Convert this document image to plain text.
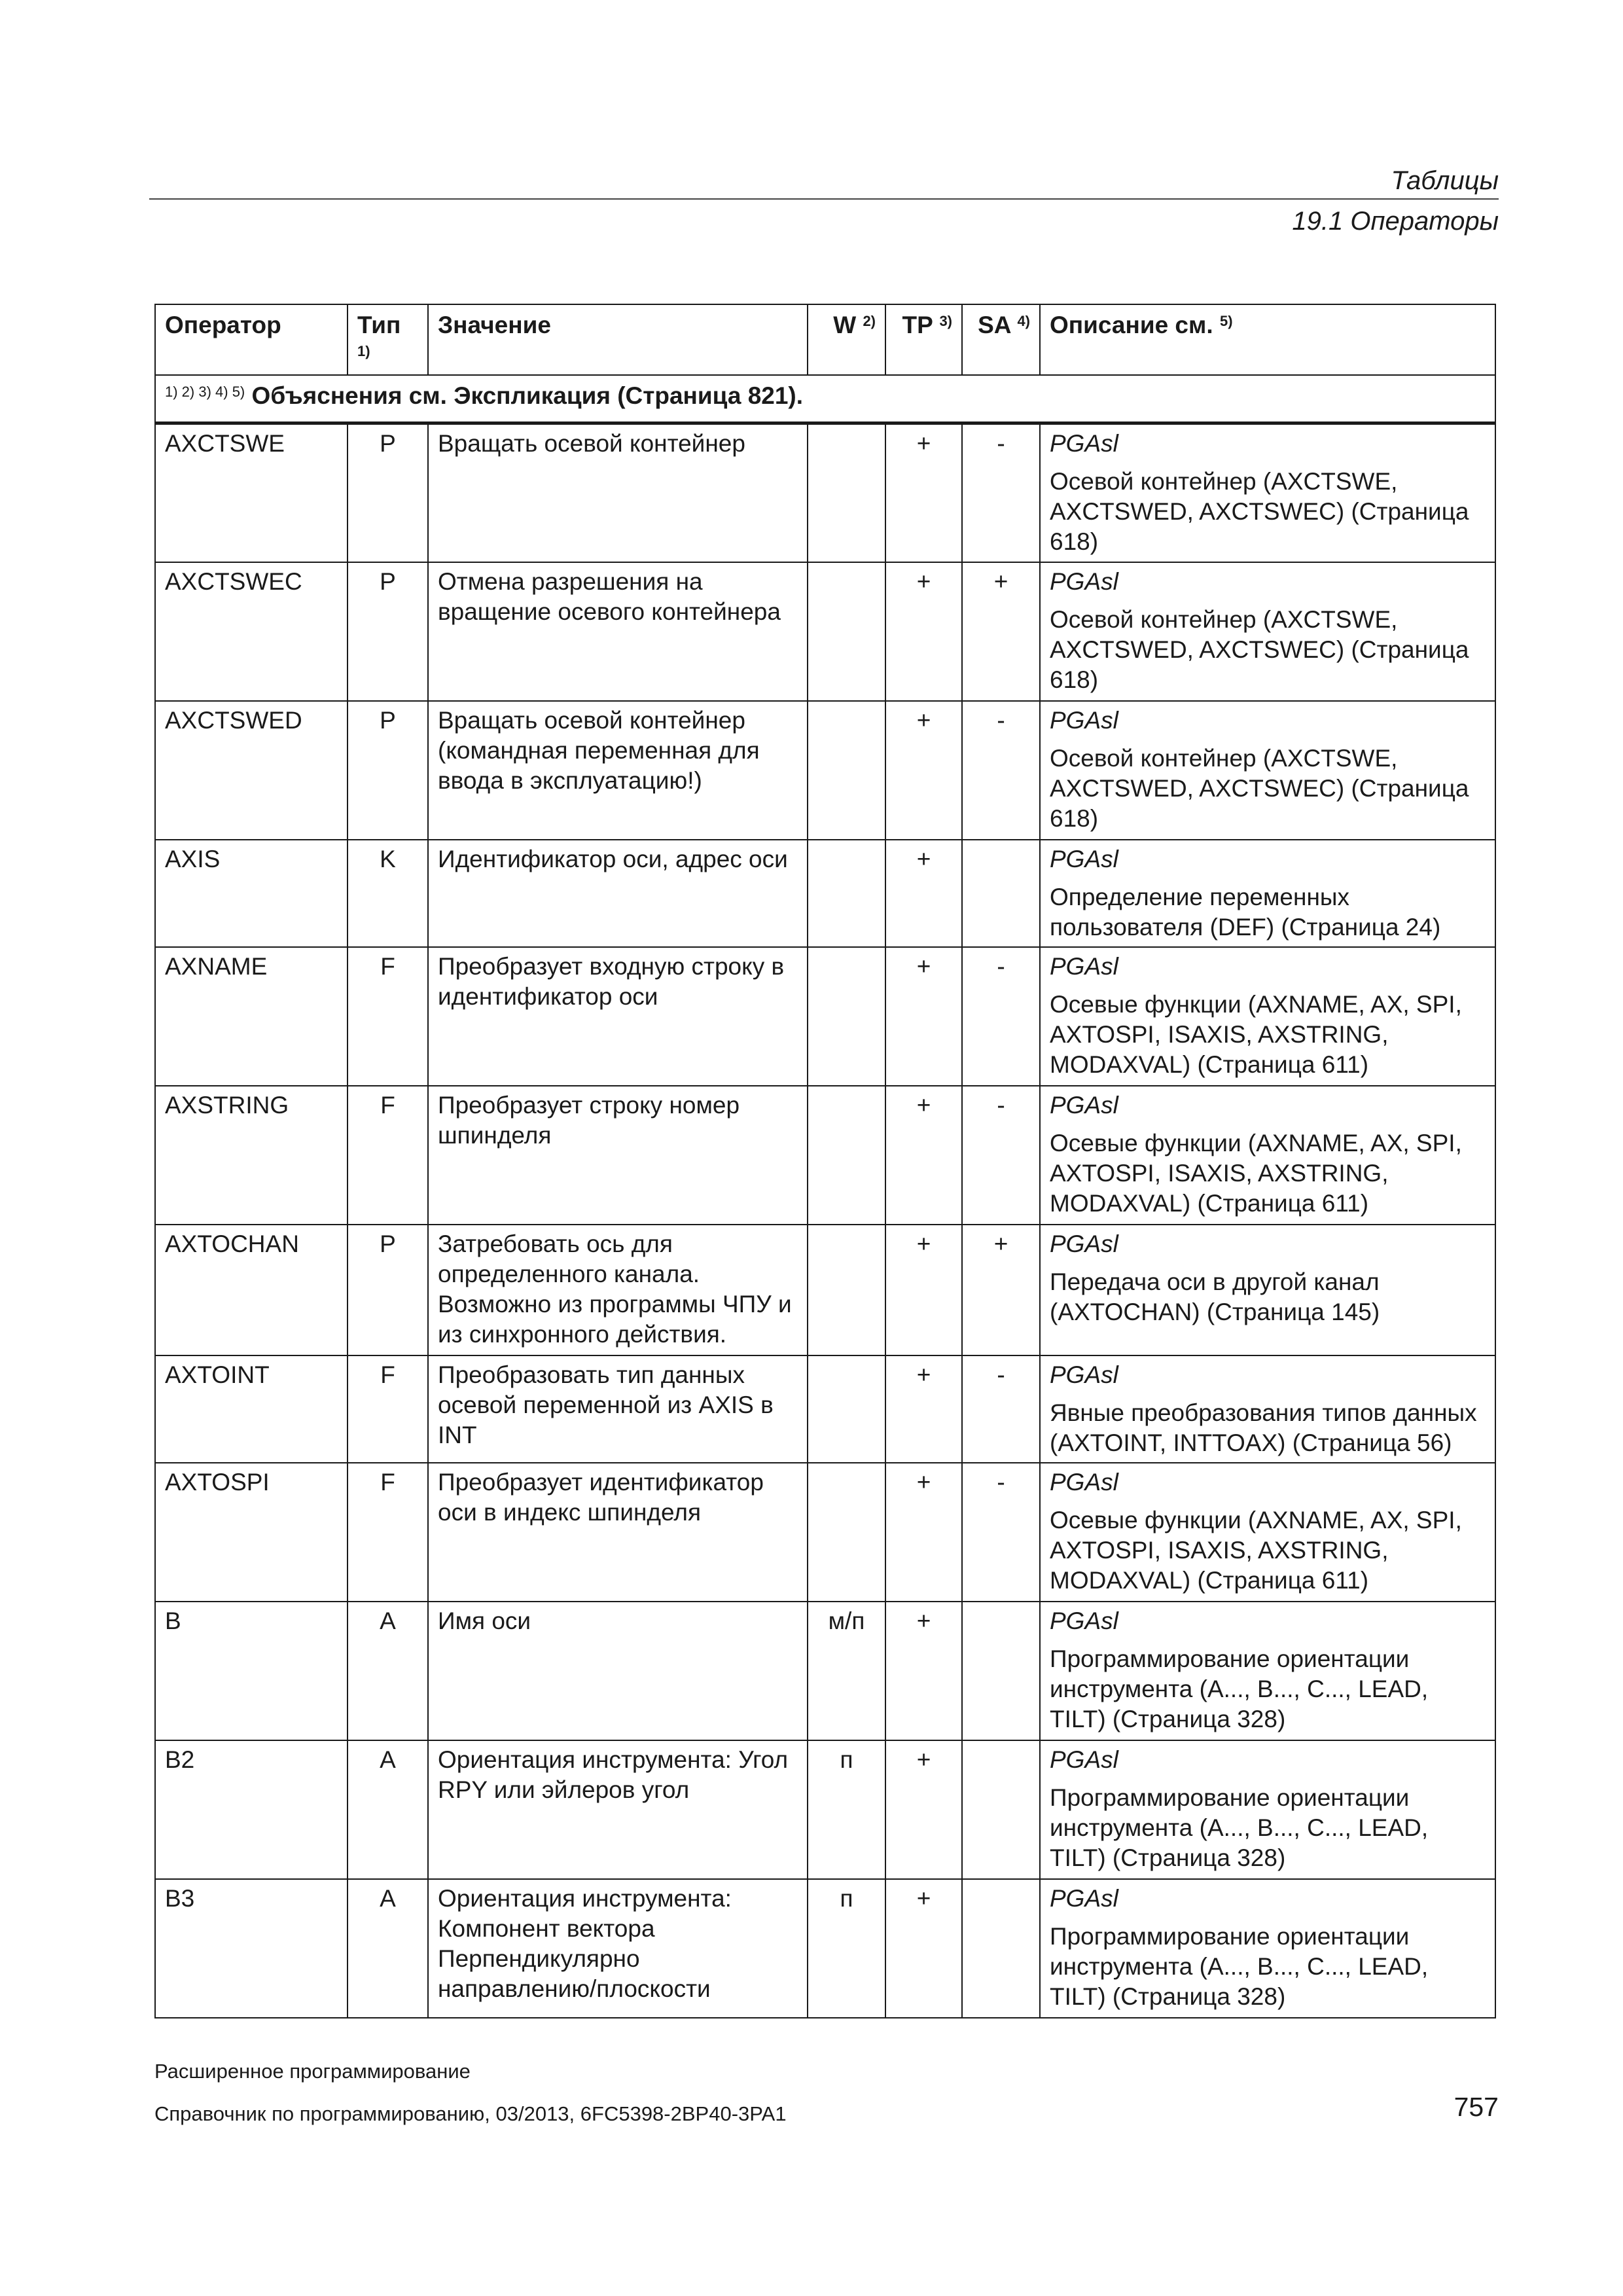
Таблицы
19.1 Операторы
Оператор	Тип $^{1)}$	Значение	W $^{2)}$	TP $^{3)}$	SA $^{4)}$	Описание см. $^{5)}$
$^{1) 2) 3) 4) 5)}$ Объяснения см. Экспликация (Страница 821).						
AXCTSWE	P	Вращать осевой контейнер		+	-	PGAsl
Осевой контейнер (AXCTSWE, AXCTSWED, AXCTSWEC) (Страница 618)

AXCTSWEC	P	Отмена разрешения на вращение осевого контейнера		+	+	PGAsl
Осевой контейнер (AXCTSWE, AXCTSWED, AXCTSWEC) (Страница 618)

AXCTSWED	P	Вращать осевой контейнер (командная переменная для ввода в эксплуатацию!)		+	-	PGAsl
Осевой контейнер (AXCTSWE, AXCTSWED, AXCTSWEC) (Страница 618)

AXIS	K	Идентификатор оси, адрес оси		+		PGAsl
Определение переменных пользователя (DEF) (Страница 24)

AXNAME	F	Преобразует входную строку в идентификатор оси		+	-	PGAsl
Осевые функции (AXNAME, AX, SPI, AXTOSPI, ISAXIS, AXSTRING, MODAXVAL) (Страница 611)

AXSTRING	F	Преобразует строку номер шпинделя		+	-	PGAsl
Осевые функции (AXNAME, AX, SPI, AXTOSPI, ISAXIS, AXSTRING, MODAXVAL) (Страница 611)

AXTOCHAN	P	Затребовать ось для определенного канала. Возможно из программы ЧПУ и из синхронного действия.		+	+	PGAsl
Передача оси в другой канал (AXTOCHAN) (Страница 145)

AXTOINT	F	Преобразовать тип данных осевой переменной из AXIS в INT		+	-	PGAsl
Явные преобразования типов данных (AXTOINT, INTTOAX) (Страница 56)

AXTOSPI	F	Преобразует идентификатор оси в индекс шпинделя		+	-	PGAsl
Осевые функции (AXNAME, AX, SPI, AXTOSPI, ISAXIS, AXSTRING, MODAXVAL) (Страница 611)

B	A	Имя оси	м/п	+		PGAsl
Программирование ориентации инструмента (A..., B..., C..., LEAD, TILT) (Страница 328)

B2	A	Ориентация инструмента: Угол RPY или эйлеров угол	п	+		PGAsl
Программирование ориентации инструмента (A..., B..., C..., LEAD, TILT) (Страница 328)

B3	A	Ориентация инструмента: Компонент вектора Перпендикулярно направлению/плоскости	п	+		PGAsl
Программирование ориентации инструмента (A..., B..., C..., LEAD, TILT) (Страница 328)
Расширенное программирование
Справочник по программированию, 03/2013, 6FC5398-2BP40-3PA1	757
